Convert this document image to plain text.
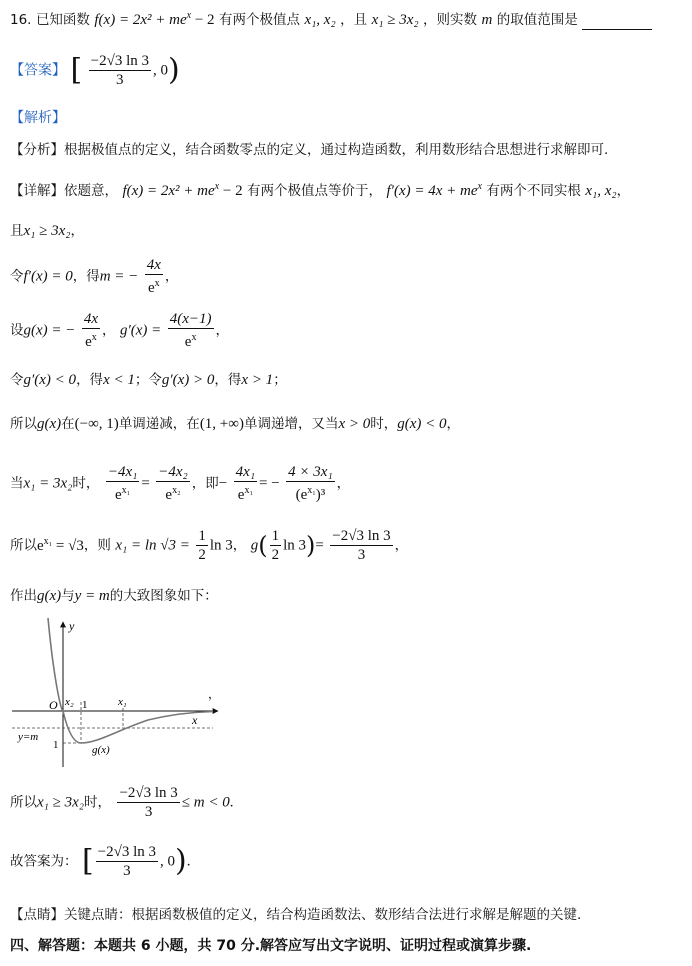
16. 已知函数 $f(x) = 2x^2 + me^x - 2$ 有两个极值点 x₁, x₂ ，且 x₁ ≥ 3x₂ ，则实数 m 的取值范围是
【答案】 [ $\frac{-2√3 \ln 3}{3}$ , 0)
【解析】
【分析】根据极值点的定义，结合函数零点的定义，通过构造函数，利用数形结合思想进行求解即可.
【详解】依题意， $f(x) = 2x^2 + me^x - 2$ 有两个极值点等价于， $f'(x) = 4x + me^x$ 有两个不同实根 x₁, x₂，
且x₁ ≥ 3x₂，
令f′(x) = 0，得m = − $\frac{4x}{e^x}$ ，
设g(x) = − $\frac{4x}{e^x}$ ， $g'(x) = \frac{4(x-1)}{e^x}$ ，
令g′(x) < 0，得x < 1；令g′(x) > 0，得x > 1；
所以g(x)在(−∞, 1)单调递减，在(1, +∞)单调递增，又当x > 0时，g(x) < 0，
当x₁ = 3x₂时， $\frac{\text{−4x₁}}{e^{x_1}} = \frac{\text{−4x₂}}{e^{x_2}}$ ，即− $\frac{\text{4x₁}}{e^{x_1}}$ = − $\frac{\text{4 × 3x₁}}{(e^{x_1})^3}$ ，
所以$e^{x_1} = √3$，则 $x_1 = \ln √3 = \frac{1}{2}$ ln 3， $g( \frac{1}{2}$ $\ln 3)= \frac{-2√3 \ln 3}{3}$ ，
作出g(x)与y = m的大致图象如下：
y
x
O x₂ 1	x₁
y=m
1	g(x)
，
所以x₁ ≥ 3x₂时， $\frac{-2√3 \ln 3}{3} \le m < 0$.
故答案为： [ $\frac{-2√3 \ln 3}{3}$ , 0).
【点睛】关键点睛：根据函数极值的定义，结合构造函数法、数形结合法进行求解是解题的关键.
四、解答题：本题共 6 小题，共 70 分.解答应写出文字说明、证明过程或演算步骤.
